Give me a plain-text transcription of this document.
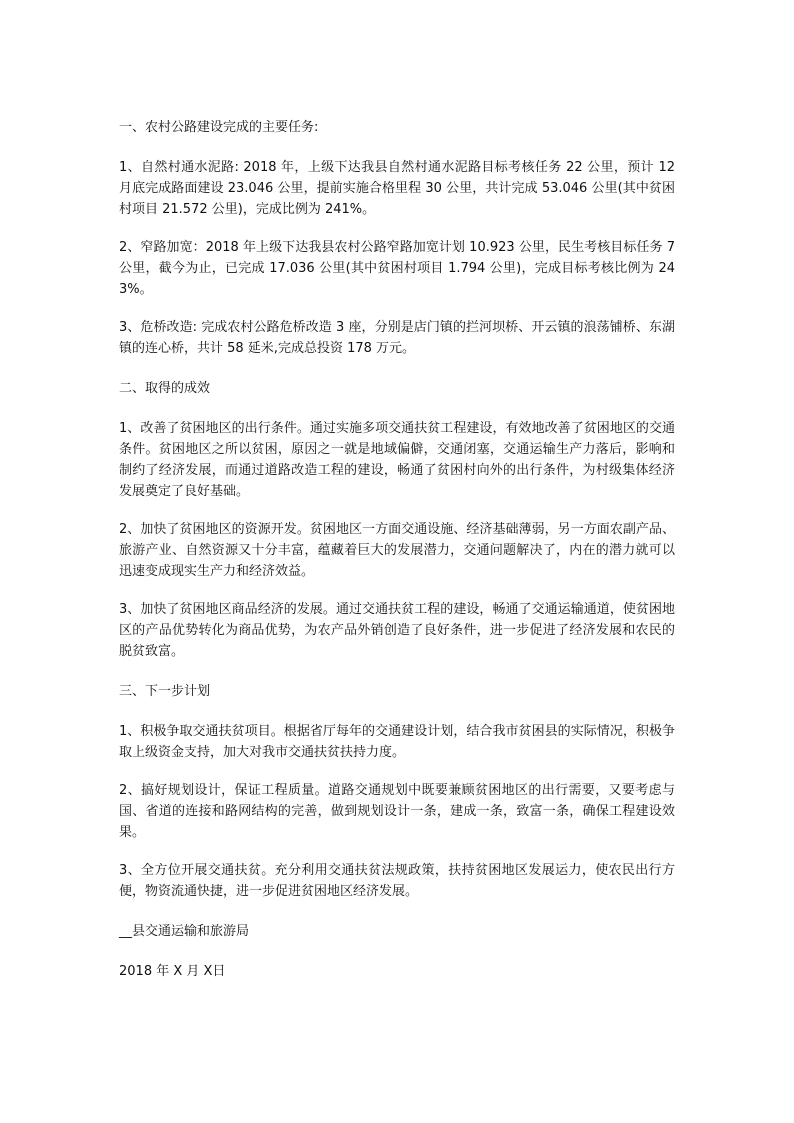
一、农村公路建设完成的主要任务:

1、自然村通水泥路: 2018 年，上级下达我县自然村通水泥路目标考核任务 22 公里，预计 12 月底完成路面建设 23.046 公里，提前实施合格里程 30 公里，共计完成 53.046 公里(其中贫困村项目 21.572 公里)，完成比例为 241%。

2、窄路加宽：2018 年上级下达我县农村公路窄路加宽计划 10.923 公里，民生考核目标任务 7 公里，截今为止，已完成 17.036 公里(其中贫困村项目 1.794 公里)，完成目标考核比例为 243%。

3、危桥改造: 完成农村公路危桥改造 3 座，分别是店门镇的拦河坝桥、开云镇的浪荡铺桥、东湖镇的连心桥，共计 58 延米,完成总投资 178 万元。

二、取得的成效

1、改善了贫困地区的出行条件。通过实施多项交通扶贫工程建设，有效地改善了贫困地区的交通条件。贫困地区之所以贫困，原因之一就是地域偏僻，交通闭塞，交通运输生产力落后，影响和制约了经济发展，而通过道路改造工程的建设，畅通了贫困村向外的出行条件，为村级集体经济发展奠定了良好基础。

2、加快了贫困地区的资源开发。贫困地区一方面交通设施、经济基础薄弱，另一方面农副产品、旅游产业、自然资源又十分丰富，蕴藏着巨大的发展潜力，交通问题解决了，内在的潜力就可以迅速变成现实生产力和经济效益。

3、加快了贫困地区商品经济的发展。通过交通扶贫工程的建设，畅通了交通运输通道，使贫困地区的产品优势转化为商品优势，为农产品外销创造了良好条件，进一步促进了经济发展和农民的脱贫致富。

三、下一步计划

1、积极争取交通扶贫项目。根据省厅每年的交通建设计划，结合我市贫困县的实际情况，积极争取上级资金支持，加大对我市交通扶贫扶持力度。

2、搞好规划设计，保证工程质量。道路交通规划中既要兼顾贫困地区的出行需要，又要考虑与国、省道的连接和路网结构的完善，做到规划设计一条，建成一条，致富一条，确保工程建设效果。

3、全方位开展交通扶贫。充分利用交通扶贫法规政策，扶持贫困地区发展运力，使农民出行方便，物资流通快捷，进一步促进贫困地区经济发展。

__县交通运输和旅游局

2018 年 X 月 X日
